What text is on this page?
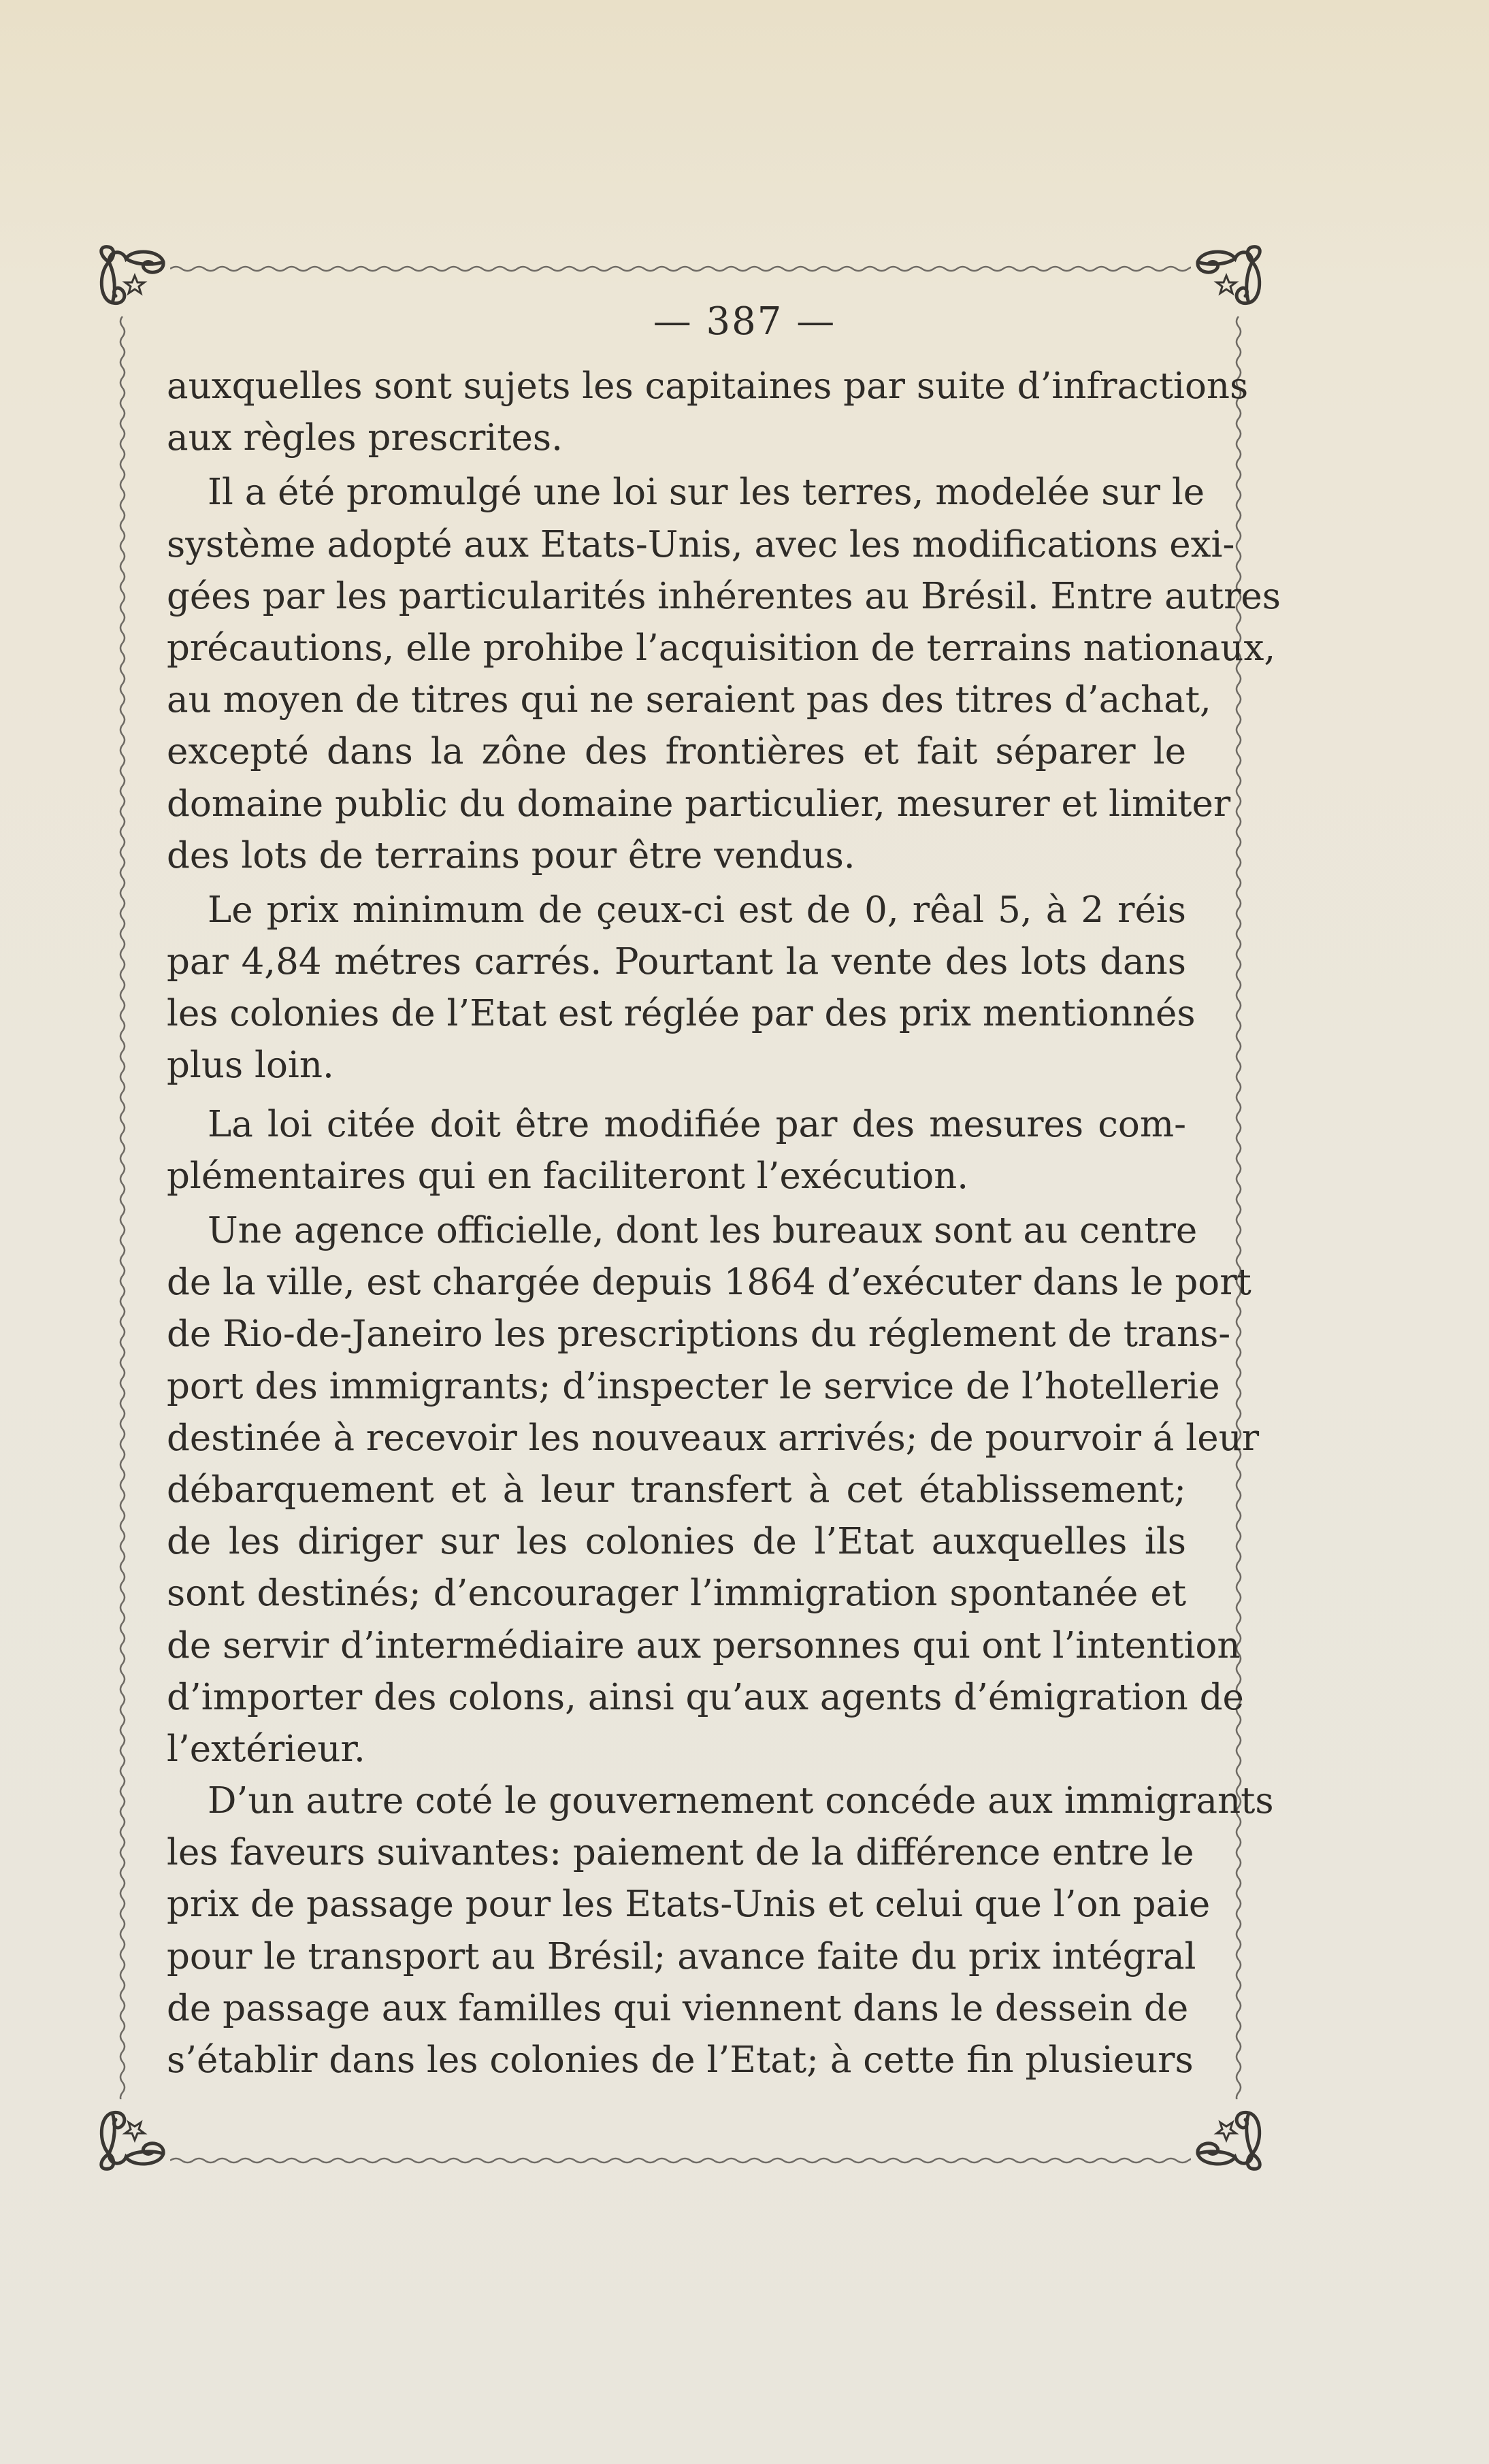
— 387 —
auxquelles sont sujets les capitaines par suite d’infractions
aux règles prescrites.
Il a été promulgé une loi sur les terres, modelée sur le
système adopté aux Etats-Unis, avec les modifications exi-
gées par les particularités inhérentes au Brésil. Entre autres
précautions, elle prohibe l’acquisition de terrains nationaux,
au moyen de titres qui ne seraient pas des titres d’achat,
excepté dans la zône des frontières et fait séparer le
domaine public du domaine particulier, mesurer et limiter
des lots de terrains pour être vendus.
Le prix minimum de çeux-ci est de 0, rêal 5, à 2 réis
par 4,84 métres carrés. Pourtant la vente des lots dans
les colonies de l’Etat est réglée par des prix mentionnés
plus loin.
La loi citée doit être modifiée par des mesures com-
plémentaires qui en faciliteront l’exécution.
Une agence officielle, dont les bureaux sont au centre
de la ville, est chargée depuis 1864 d’exécuter dans le port
de Rio-de-Janeiro les prescriptions du réglement de trans-
port des immigrants; d’inspecter le service de l’hotellerie
destinée à recevoir les nouveaux arrivés; de pourvoir á leur
débarquement et à leur transfert à cet établissement;
de les diriger sur les colonies de l’Etat auxquelles ils
sont destinés; d’encourager l’immigration spontanée et
de servir d’intermédiaire aux personnes qui ont l’intention
d’importer des colons, ainsi qu’aux agents d’émigration de
l’extérieur.
D’un autre coté le gouvernement concéde aux immigrants
les faveurs suivantes: paiement de la différence entre le
prix de passage pour les Etats-Unis et celui que l’on paie
pour le transport au Brésil; avance faite du prix intégral
de passage aux familles qui viennent dans le dessein de
s’établir dans les colonies de l’Etat; à cette fin plusieurs
